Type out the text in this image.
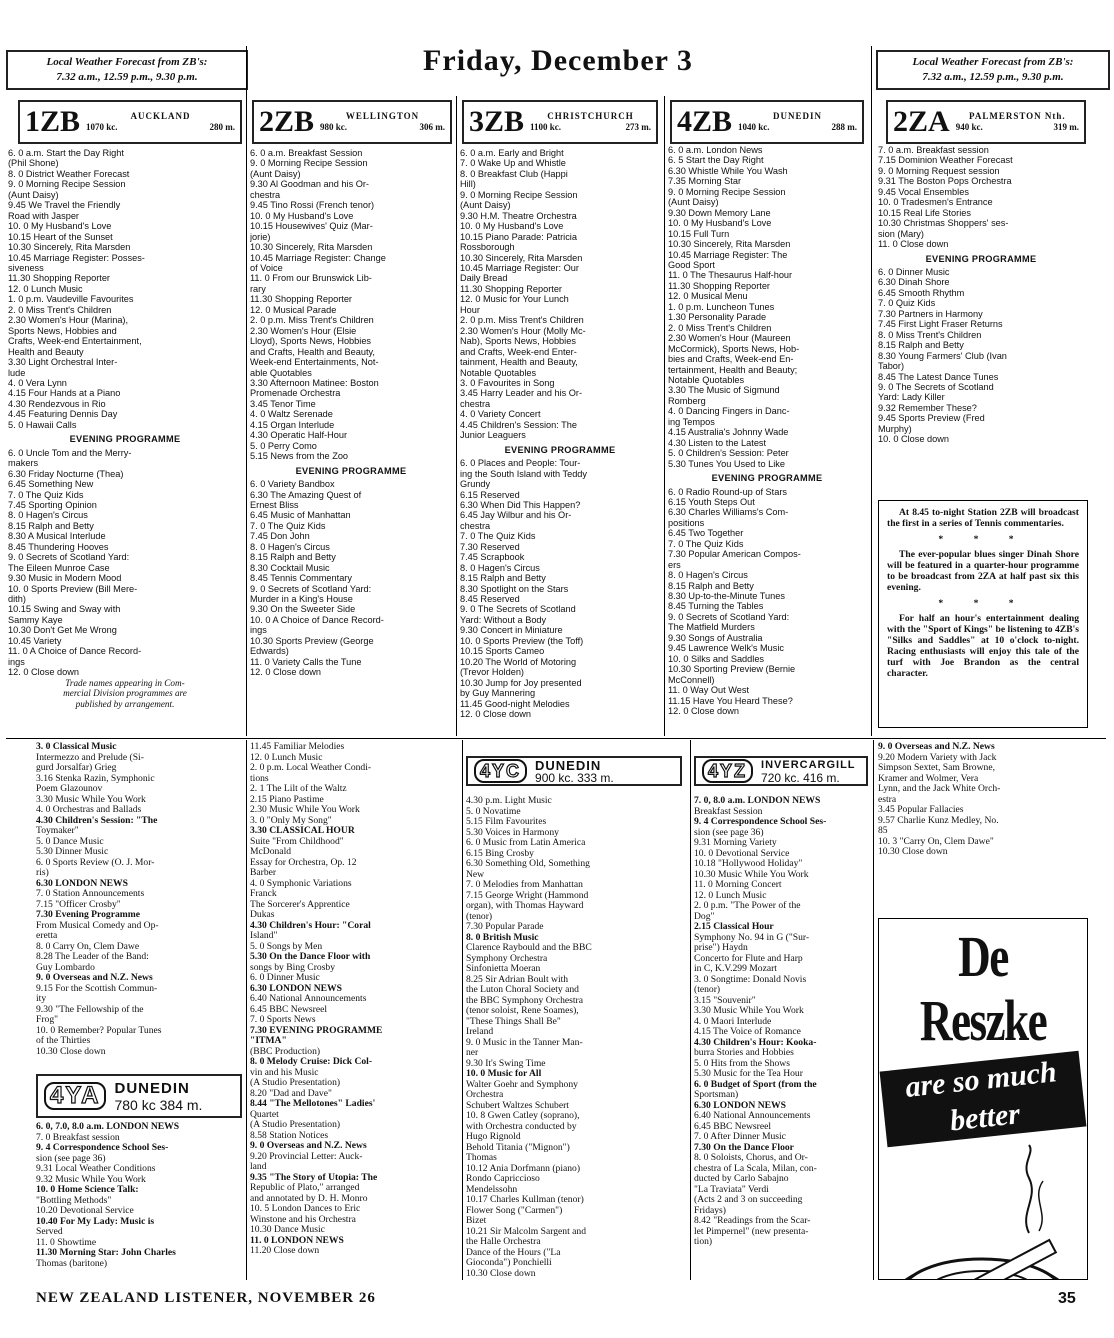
Local Weather Forecast from ZB's:
7.32 a.m., 12.59 p.m., 9.30 p.m.	Friday, December 3	Local Weather Forecast from ZB's:
7.32 a.m., 12.59 p.m., 9.30 p.m.
1ZB	AUCKLAND
1070 kc.	280 m. 2ZB	WELLINGTON
980 kc.	306 m. 3ZB	CHRISTCHURCH
1100 kc.	273 m. 4ZB	DUNEDIN
1040 kc.	288 m. 2ZA	PALMERSTON Nth.
940 kc.	319 m.
6. 0 a.m. Start the Day Right
(Phil Shone)
8. 0 District Weather Forecast
9. 0 Morning Recipe Session
(Aunt Daisy)
9.45 We Travel the Friendly
Road with Jasper
10. 0 My Husband's Love
10.15 Heart of the Sunset
10.30 Sincerely, Rita Marsden
10.45 Marriage Register: Posses-
siveness
11.30 Shopping Reporter
12. 0 Lunch Music
1. 0 p.m. Vaudeville Favourites
2. 0 Miss Trent's Children
2.30 Women's Hour (Marina),
Sports News, Hobbies and
Crafts, Week-end Entertainment,
Health and Beauty
3.30 Light Orchestral Inter-
lude
4. 0 Vera Lynn
4.15 Four Hands at a Piano
4.30 Rendezvous in Rio
4.45 Featuring Dennis Day
5. 0 Hawaii Calls
EVENING PROGRAMME
6. 0 Uncle Tom and the Merry-
makers
6.30 Friday Nocturne (Thea)
6.45 Something New
7. 0 The Quiz Kids
7.45 Sporting Opinion
8. 0 Hagen's Circus
8.15 Ralph and Betty
8.30 A Musical Interlude
8.45 Thundering Hooves
9. 0 Secrets of Scotland Yard:
The Eileen Munroe Case
9.30 Music in Modern Mood
10. 0 Sports Preview (Bill Mere-
dith)
10.15 Swing and Sway with
Sammy Kaye
10.30 Don't Get Me Wrong
10.45 Variety
11. 0 A Choice of Dance Record-
ings
12. 0 Close down
Trade names appearing in Com-
mercial Division programmes are
published by arrangement.
6. 0 a.m. Breakfast Session
9. 0 Morning Recipe Session
(Aunt Daisy)
9.30 Al Goodman and his Or-
chestra
9.45 Tino Rossi (French tenor)
10. 0 My Husband's Love
10.15 Housewives' Quiz (Mar-
jorie)
10.30 Sincerely, Rita Marsden
10.45 Marriage Register: Change
of Voice
11. 0 From our Brunswick Lib-
rary
11.30 Shopping Reporter
12. 0 Musical Parade
2. 0 p.m. Miss Trent's Children
2.30 Women's Hour (Elsie
Lloyd), Sports News, Hobbies
and Crafts, Health and Beauty,
Week-end Entertainments, Not-
able Quotables
3.30 Afternoon Matinee: Boston
Promenade Orchestra
3.45 Tenor Time
4. 0 Waltz Serenade
4.15 Organ Interlude
4.30 Operatic Half-Hour
5. 0 Perry Como
5.15 News from the Zoo
EVENING PROGRAMME
6. 0 Variety Bandbox
6.30 The Amazing Quest of
Ernest Bliss
6.45 Music of Manhattan
7. 0 The Quiz Kids
7.45 Don John
8. 0 Hagen's Circus
8.15 Ralph and Betty
8.30 Cocktail Music
8.45 Tennis Commentary
9. 0 Secrets of Scotland Yard:
Murder in a King's House
9.30 On the Sweeter Side
10. 0 A Choice of Dance Record-
ings
10.30 Sports Preview (George
Edwards)
11. 0 Variety Calls the Tune
12. 0 Close down
6. 0 a.m. Early and Bright
7. 0 Wake Up and Whistle
8. 0 Breakfast Club (Happi
Hill)
9. 0 Morning Recipe Session
(Aunt Daisy)
9.30 H.M. Theatre Orchestra
10. 0 My Husband's Love
10.15 Piano Parade: Patricia
Rossborough
10.30 Sincerely, Rita Marsden
10.45 Marriage Register: Our
Daily Bread
11.30 Shopping Reporter
12. 0 Music for Your Lunch
Hour
2. 0 p.m. Miss Trent's Children
2.30 Women's Hour (Molly Mc-
Nab), Sports News, Hobbies
and Crafts, Week-end Enter-
tainment, Health and Beauty,
Notable Quotables
3. 0 Favourites in Song
3.45 Harry Leader and his Or-
chestra
4. 0 Variety Concert
4.45 Children's Session: The
Junior Leaguers
EVENING PROGRAMME
6. 0 Places and People: Tour-
ing the South Island with Teddy
Grundy
6.15 Reserved
6.30 When Did This Happen?
6.45 Jay Wilbur and his Or-
chestra
7. 0 The Quiz Kids
7.30 Reserved
7.45 Scrapbook
8. 0 Hagen's Circus
8.15 Ralph and Betty
8.30 Spotlight on the Stars
8.45 Reserved
9. 0 The Secrets of Scotland
Yard: Without a Body
9.30 Concert in Miniature
10. 0 Sports Preview (the Toff)
10.15 Sports Cameo
10.20 The World of Motoring
(Trevor Holden)
10.30 Jump for Joy presented
by Guy Mannering
11.45 Good-night Melodies
12. 0 Close down
6. 0 a.m. London News
6. 5 Start the Day Right
6.30 Whistle While You Wash
7.35 Morning Star
9. 0 Morning Recipe Session
(Aunt Daisy)
9.30 Down Memory Lane
10. 0 My Husband's Love
10.15 Full Turn
10.30 Sincerely, Rita Marsden
10.45 Marriage Register: The
Good Sport
11. 0 The Thesaurus Half-hour
11.30 Shopping Reporter
12. 0 Musical Menu
1. 0 p.m. Luncheon Tunes
1.30 Personality Parade
2. 0 Miss Trent's Children
2.30 Women's Hour (Maureen
McCormick), Sports News, Hob-
bies and Crafts, Week-end En-
tertainment, Health and Beauty;
Notable Quotables
3.30 The Music of Sigmund
Romberg
4. 0 Dancing Fingers in Danc-
ing Tempos
4.15 Australia's Johnny Wade
4.30 Listen to the Latest
5. 0 Children's Session: Peter
5.30 Tunes You Used to Like
EVENING PROGRAMME
6. 0 Radio Round-up of Stars
6.15 Youth Steps Out
6.30 Charles Williams's Com-
positions
6.45 Two Together
7. 0 The Quiz Kids
7.30 Popular American Compos-
ers
8. 0 Hagen's Circus
8.15 Ralph and Betty
8.30 Up-to-the-Minute Tunes
8.45 Turning the Tables
9. 0 Secrets of Scotland Yard:
The Matfield Murders
9.30 Songs of Australia
9.45 Lawrence Welk's Music
10. 0 Silks and Saddles
10.30 Sporting Preview (Bernie
McConnell)
11. 0 Way Out West
11.15 Have You Heard These?
12. 0 Close down
7. 0 a.m. Breakfast session
7.15 Dominion Weather Forecast
9. 0 Morning Request session
9.31 The Boston Pops Orchestra
9.45 Vocal Ensembles
10. 0 Tradesmen's Entrance
10.15 Real Life Stories
10.30 Christmas Shoppers' ses-
sion (Mary)
11. 0 Close down
EVENING PROGRAMME
6. 0 Dinner Music
6.30 Dinah Shore
6.45 Smooth Rhythm
7. 0 Quiz Kids
7.30 Partners in Harmony
7.45 First Light Fraser Returns
8. 0 Miss Trent's Children
8.15 Ralph and Betty
8.30 Young Farmers' Club (Ivan
Tabor)
8.45 The Latest Dance Tunes
9. 0 The Secrets of Scotland
Yard: Lady Killer
9.32 Remember These?
9.45 Sports Preview (Fred
Murphy)
10. 0 Close down

At 8.45 to-night Station 2ZB will broadcast the first in a series of Tennis commentaries.

* * *

The ever-popular blues singer Dinah Shore will be featured in a quarter-hour programme to be broadcast from 2ZA at half past six this evening.

* * *

For half an hour's entertainment dealing with the "Sport of Kings" be listening to 4ZB's "Silks and Saddles" at 10 o'clock to-night. Racing enthusiasts will enjoy this tale of the turf with Joe Brandon as the central character.

3. 0 Classical Music
Intermezzo and Prelude (Si-
gurd Jorsalfar) Grieg
3.16 Stenka Razin, Symphonic
Poem Glazounov
3.30 Music While You Work
4. 0 Orchestras and Ballads
4.30 Children's Session: "The
Toymaker"
5. 0 Dance Music
5.30 Dinner Music
6. 0 Sports Review (O. J. Mor-
ris)
6.30 LONDON NEWS
7. 0 Station Announcements
7.15 "Officer Crosby"
7.30 Evening Programme
From Musical Comedy and Op-
eretta
8. 0 Carry On, Clem Dawe
8.28 The Leader of the Band:
Guy Lombardo
9. 0 Overseas and N.Z. News
9.15 For the Scottish Commun-
ity
9.30 "The Fellowship of the
Frog"
10. 0 Remember? Popular Tunes
of the Thirties
10.30 Close down
4YA DUNEDIN
780 kc 384 m.
6. 0, 7.0, 8.0 a.m. LONDON NEWS
7. 0 Breakfast session
9. 4 Correspondence School Ses-
sion (see page 36)
9.31 Local Weather Conditions
9.32 Music While You Work
10. 0 Home Science Talk:
"Bottling Methods"
10.20 Devotional Service
10.40 For My Lady: Music is
Served
11. 0 Showtime
11.30 Morning Star: John Charles
Thomas (baritone)
11.45 Familiar Melodies
12. 0 Lunch Music
2. 0 p.m. Local Weather Condi-
tions
2. 1 The Lilt of the Waltz
2.15 Piano Pastime
2.30 Music While You Work
3. 0 "Only My Song"
3.30 CLASSICAL HOUR
Suite "From Childhood"
McDonald
Essay for Orchestra, Op. 12
Barber
4. 0 Symphonic Variations
Franck
The Sorcerer's Apprentice
Dukas
4.30 Children's Hour: "Coral
Island"
5. 0 Songs by Men
5.30 On the Dance Floor with
songs by Bing Crosby
6. 0 Dinner Music
6.30 LONDON NEWS
6.40 National Announcements
6.45 BBC Newsreel
7. 0 Sports News
7.30 EVENING PROGRAMME
"ITMA"
(BBC Production)
8. 0 Melody Cruise: Dick Col-
vin and his Music
(A Studio Presentation)
8.20 "Dad and Dave"
8.44 "The Mellotones" Ladies'
Quartet
(A Studio Presentation)
8.58 Station Notices
9. 0 Overseas and N.Z. News
9.20 Provincial Letter: Auck-
land
9.35 "The Story of Utopia: The
Republic of Plato," arranged
and annotated by D. H. Monro
10. 5 London Dances to Eric
Winstone and his Orchestra
10.30 Dance Music
11. 0 LONDON NEWS
11.20 Close down
4YC	DUNEDIN
900 kc. 333 m.
4.30 p.m. Light Music
5. 0 Novatime
5.15 Film Favourites
5.30 Voices in Harmony
6. 0 Music from Latin America
6.15 Bing Crosby
6.30 Something Old, Something
New
7. 0 Melodies from Manhattan
7.15 George Wright (Hammond
organ), with Thomas Hayward
(tenor)
7.30 Popular Parade
8. 0 British Music
Clarence Raybould and the BBC
Symphony Orchestra
Sinfonietta Moeran
8.25 Sir Adrian Boult with
the Luton Choral Society and
the BBC Symphony Orchestra
(tenor soloist, Rene Soames),
"These Things Shall Be"
Ireland
9. 0 Music in the Tanner Man-
ner
9.30 It's Swing Time
10. 0 Music for All
Walter Goehr and Symphony
Orchestra
Schubert Waltzes Schubert
10. 8 Gwen Catley (soprano),
with Orchestra conducted by
Hugo Rignold
Behold Titania ("Mignon")
Thomas
10.12 Ania Dorfmann (piano)
Rondo Capriccioso
Mendelssohn
10.17 Charles Kullman (tenor)
Flower Song ("Carmen")
Bizet
10.21 Sir Malcolm Sargent and
the Halle Orchestra
Dance of the Hours ("La
Gioconda") Ponchielli
10.30 Close down
4YZ	INVERCARGILL
720 kc. 416 m.
7. 0, 8.0 a.m. LONDON NEWS
Breakfast Session
9. 4 Correspondence School Ses-
sion (see page 36)
9.31 Morning Variety
10. 0 Devotional Service
10.18 "Hollywood Holiday"
10.30 Music While You Work
11. 0 Morning Concert
12. 0 Lunch Music
2. 0 p.m. "The Power of the
Dog"
2.15 Classical Hour
Symphony No. 94 in G ("Sur-
prise") Haydn
Concerto for Flute and Harp
in C, K.V.299 Mozart
3. 0 Songtime: Donald Novis
(tenor)
3.15 "Souvenir"
3.30 Music While You Work
4. 0 Maori Interlude
4.15 The Voice of Romance
4.30 Children's Hour: Kooka-
burra Stories and Hobbies
5. 0 Hits from the Shows
5.30 Music for the Tea Hour
6. 0 Budget of Sport (from the
Sportsman)
6.30 LONDON NEWS
6.40 National Announcements
6.45 BBC Newsreel
7. 0 After Dinner Music
7.30 On the Dance Floor
8. 0 Soloists, Chorus, and Or-
chestra of La Scala, Milan, con-
ducted by Carlo Sabajno
"La Traviata" Verdi
(Acts 2 and 3 on succeeding
Fridays)
8.42 "Readings from the Scar-
let Pimpernel" (new presenta-
tion)
9. 0 Overseas and N.Z. News
9.20 Modern Variety with Jack
Simpson Sextet, Sam Browne,
Kramer and Wolmer, Vera
Lynn, and the Jack White Orch-
estra
3.45 Popular Fallacies
9.57 Charlie Kunz Medley, No.
85
10. 3 "Carry On, Clem Dawe"
10.30 Close down
De Reszke
are so much better
NEW ZEALAND LISTENER, NOVEMBER 26	35
